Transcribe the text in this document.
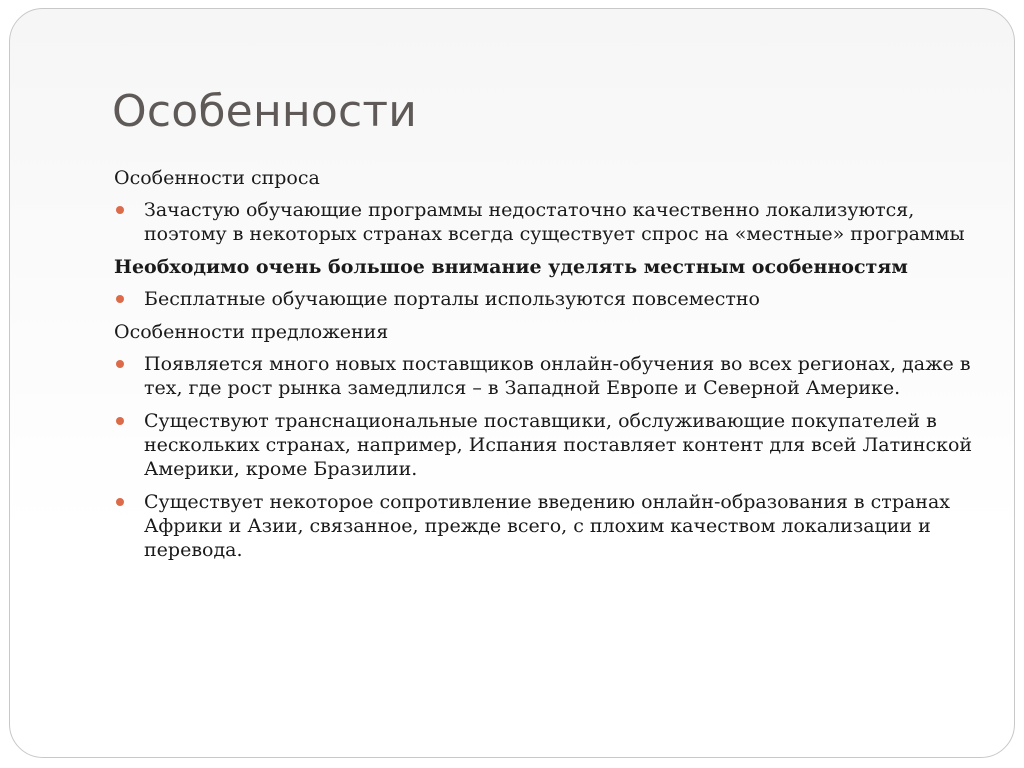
Особенности

Особенности спроса

Зачастую обучающие программы недостаточно качественно локализуются, поэтому в некоторых странах всегда существует спрос на «местные» программы

Необходимо очень большое внимание уделять местным особенностям

Бесплатные обучающие порталы используются повсеместно

Особенности предложения

Появляется много новых поставщиков онлайн-обучения во всех регионах, даже в тех, где рост рынка замедлился – в Западной Европе и Северной Америке.
Существуют транснациональные поставщики, обслуживающие покупателей в нескольких странах, например, Испания поставляет контент для всей Латинской Америки, кроме Бразилии.
Существует некоторое сопротивление введению онлайн-образования в странах Африки и Азии, связанное, прежде всего, с плохим качеством локализации и перевода.
